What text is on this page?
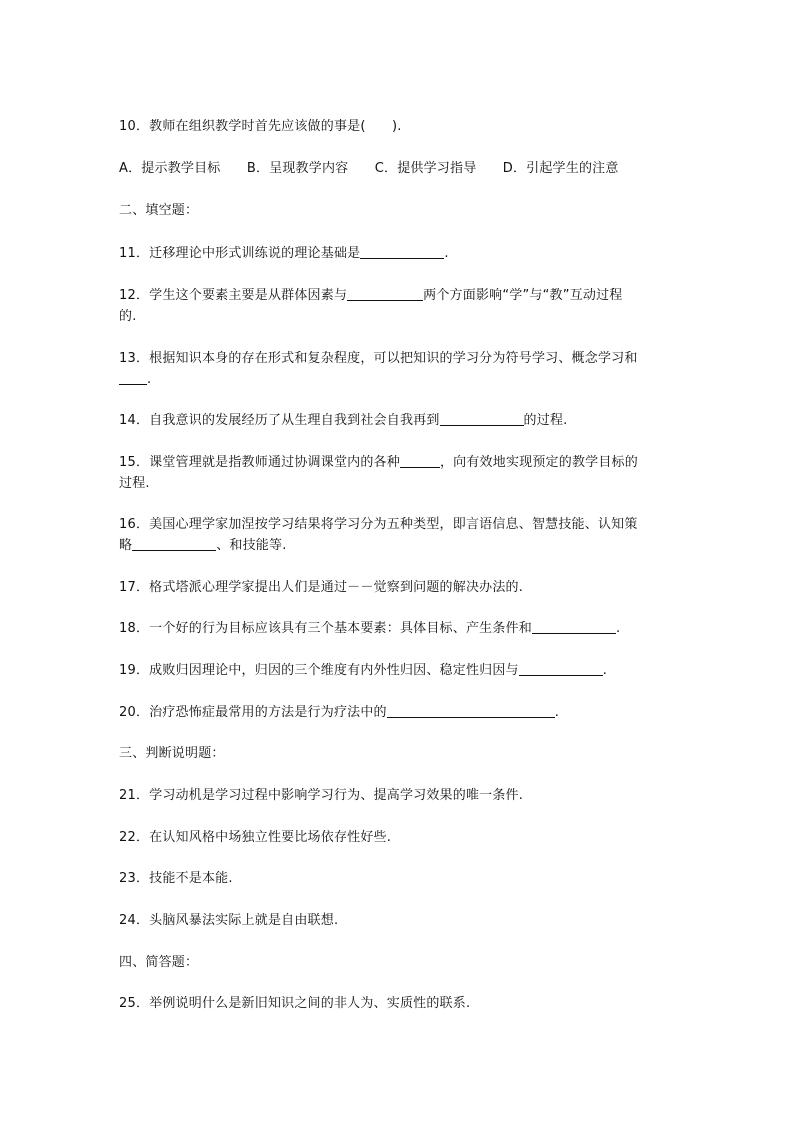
10．教师在组织教学时首先应该做的事是(　　).
A．提示教学目标 B．呈现教学内容 C．提供学习指导 D．引起学生的注意
二、填空题：
11．迁移理论中形式训练说的理论基础是	.
12．学生这个要素主要是从群体因素与	两个方面影响“学”与“教”互动过程
的.
13．根据知识本身的存在形式和复杂程度，可以把知识的学习分为符号学习、概念学习和
.
14．自我意识的发展经历了从生理自我到社会自我再到	的过程.
15．课堂管理就是指教师通过协调课堂内的各种	，向有效地实现预定的教学目标的
过程.
16．美国心理学家加涅按学习结果将学习分为五种类型，即言语信息、智慧技能、认知策
略	、和技能等.
17．格式塔派心理学家提出人们是通过－－觉察到问题的解决办法的.
18．一个好的行为目标应该具有三个基本要素：具体目标、产生条件和	.
19．成败归因理论中，归因的三个维度有内外性归因、稳定性归因与	.
20．治疗恐怖症最常用的方法是行为疗法中的	.
三、判断说明题：
21．学习动机是学习过程中影响学习行为、提高学习效果的唯一条件.
22．在认知风格中场独立性要比场依存性好些.
23．技能不是本能.
24．头脑风暴法实际上就是自由联想.
四、简答题：
25．举例说明什么是新旧知识之间的非人为、实质性的联系.
